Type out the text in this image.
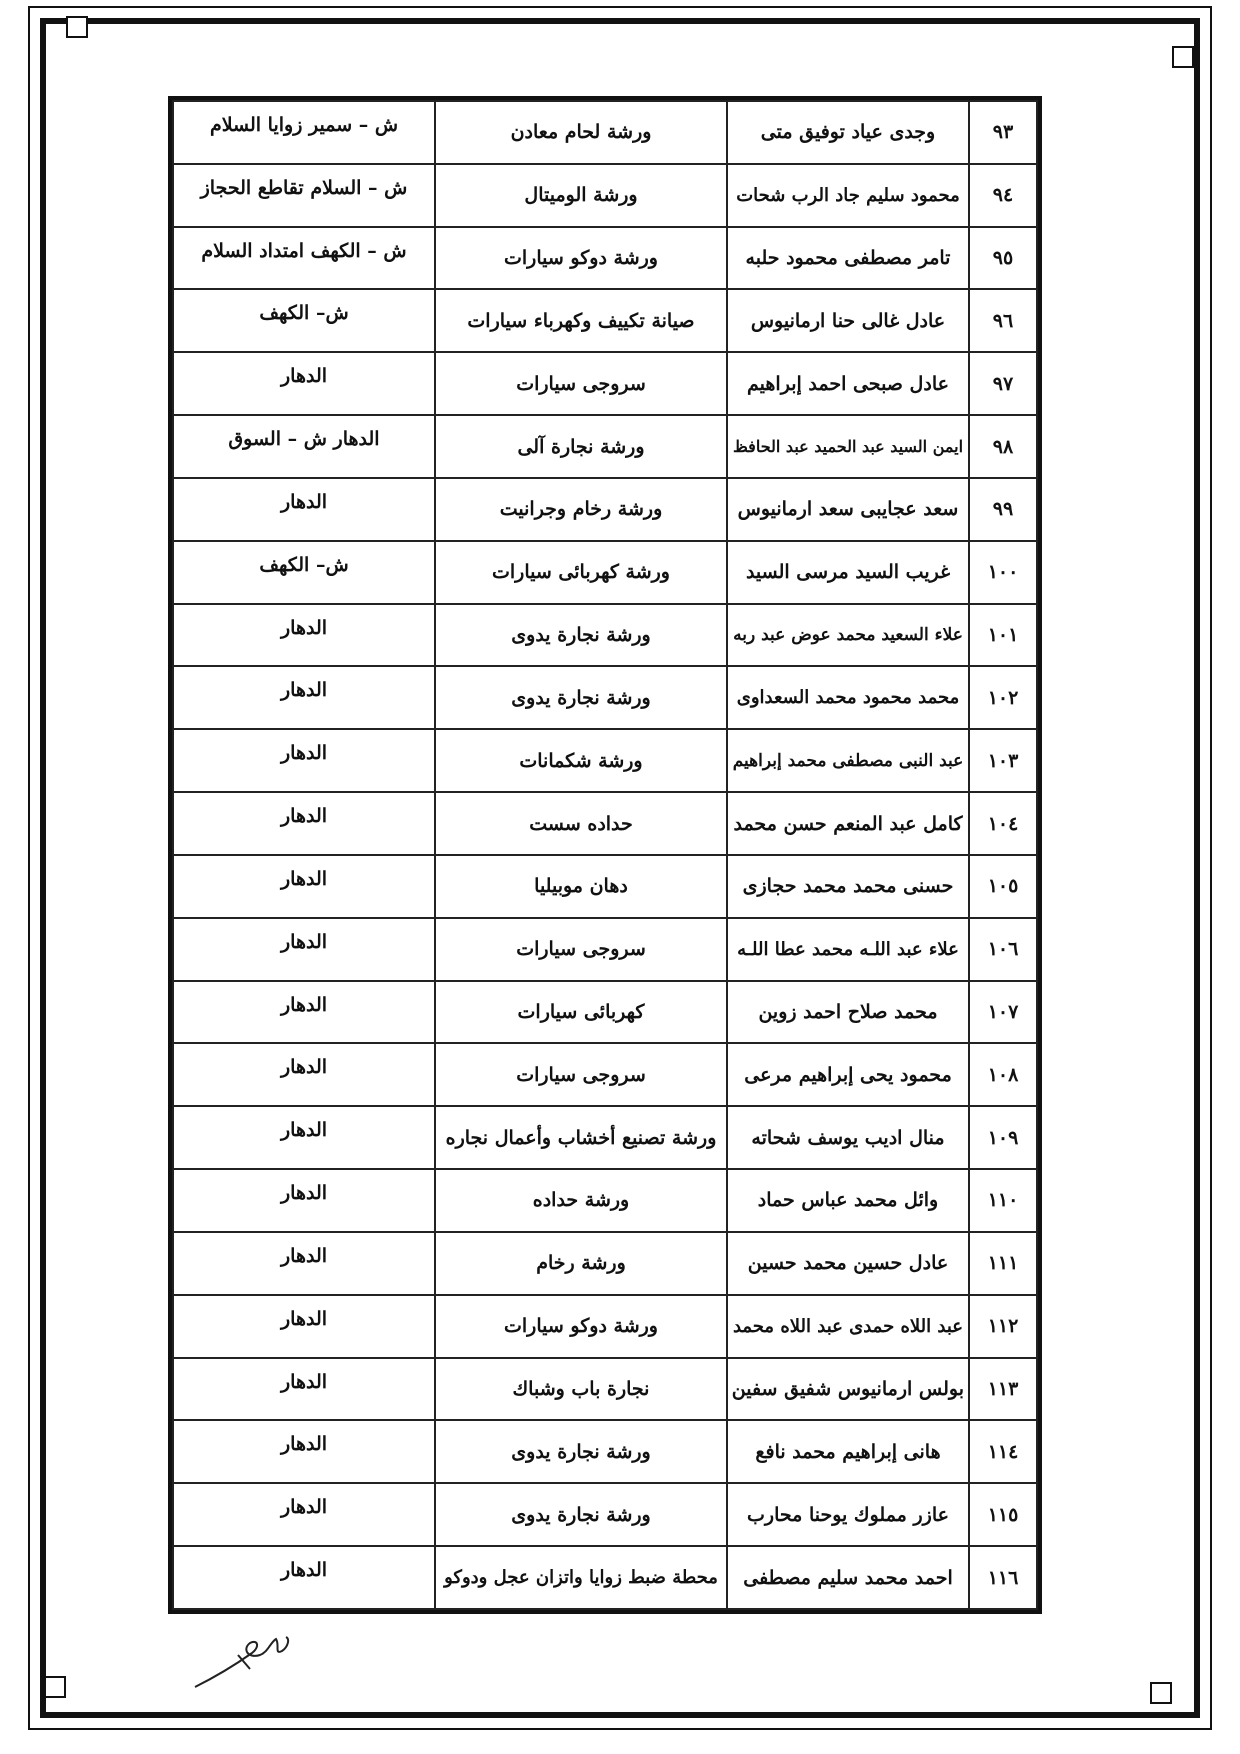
٩٣	وجدى عياد توفيق متى	ورشة لحام معادن	ش – سمير زوايا السلام
٩٤	محمود سليم جاد الرب شحات	ورشة الوميتال	ش – السلام تقاطع الحجاز
٩٥	تامر مصطفى محمود حلبه	ورشة دوكو سيارات	ش – الكهف امتداد السلام
٩٦	عادل غالى حنا ارمانيوس	صيانة تكييف وكهرباء سيارات	ش– الكهف
٩٧	عادل صبحى احمد إبراهيم	سروجى سيارات	الدهار
٩٨	ايمن السيد عبد الحميد عبد الحافظ	ورشة نجارة آلى	الدهار ش – السوق
٩٩	سعد عجايبى سعد ارمانيوس	ورشة رخام وجرانيت	الدهار
١٠٠	غريب السيد مرسى السيد	ورشة كهربائى سيارات	ش– الكهف
١٠١	علاء السعيد محمد عوض عبد ربه	ورشة نجارة يدوى	الدهار
١٠٢	محمد محمود محمد السعداوى	ورشة نجارة يدوى	الدهار
١٠٣	عبد النبى مصطفى محمد إبراهيم	ورشة شكمانات	الدهار
١٠٤	كامل عبد المنعم حسن محمد	حداده سست	الدهار
١٠٥	حسنى محمد محمد حجازى	دهان موبيليا	الدهار
١٠٦	علاء عبد اللـه محمد عطا اللـه	سروجى سيارات	الدهار
١٠٧	محمد صلاح احمد زوين	كهربائى سيارات	الدهار
١٠٨	محمود يحى إبراهيم مرعى	سروجى سيارات	الدهار
١٠٩	منال اديب يوسف شحاته	ورشة تصنيع أخشاب وأعمال نجاره	الدهار
١١٠	وائل محمد عباس حماد	ورشة حداده	الدهار
١١١	عادل حسين محمد حسين	ورشة رخام	الدهار
١١٢	عبد اللاه حمدى عبد اللاه محمد	ورشة دوكو سيارات	الدهار
١١٣	بولس ارمانيوس شفيق سفين	نجارة باب وشباك	الدهار
١١٤	هانى إبراهيم محمد نافع	ورشة نجارة يدوى	الدهار
١١٥	عازر مملوك يوحنا محارب	ورشة نجارة يدوى	الدهار
١١٦	احمد محمد سليم مصطفى	محطة ضبط زوايا واتزان عجل ودوكو	الدهار
